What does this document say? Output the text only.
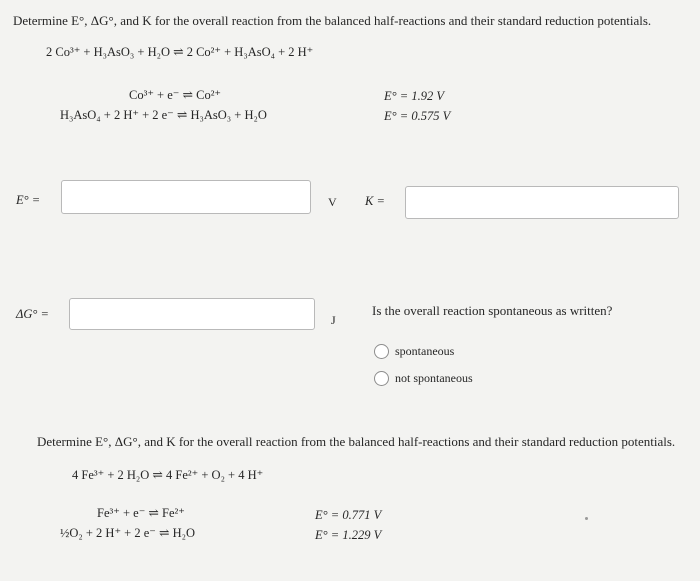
Determine E°, ΔG°, and K for the overall reaction from the balanced half-reactions and their standard reduction potentials.
2 Co³⁺ + H₃AsO₃ + H₂O ⇌ 2 Co²⁺ + H₃AsO₄ + 2 H⁺
Co³⁺ + e⁻ ⇌ Co²⁺
H₃AsO₄ + 2 H⁺ + 2 e⁻ ⇌ H₃AsO₃ + H₂O
E° = 1.92 V
E° = 0.575 V
E° =	V K =
ΔG° =	J
Is the overall reaction spontaneous as written?
spontaneous
not spontaneous
Determine E°, ΔG°, and K for the overall reaction from the balanced half-reactions and their standard reduction potentials.
4 Fe³⁺ + 2 H₂O ⇌ 4 Fe²⁺ + O₂ + 4 H⁺
Fe³⁺ + e⁻ ⇌ Fe²⁺
½O₂ + 2 H⁺ + 2 e⁻ ⇌ H₂O
E° = 0.771 V
E° = 1.229 V
